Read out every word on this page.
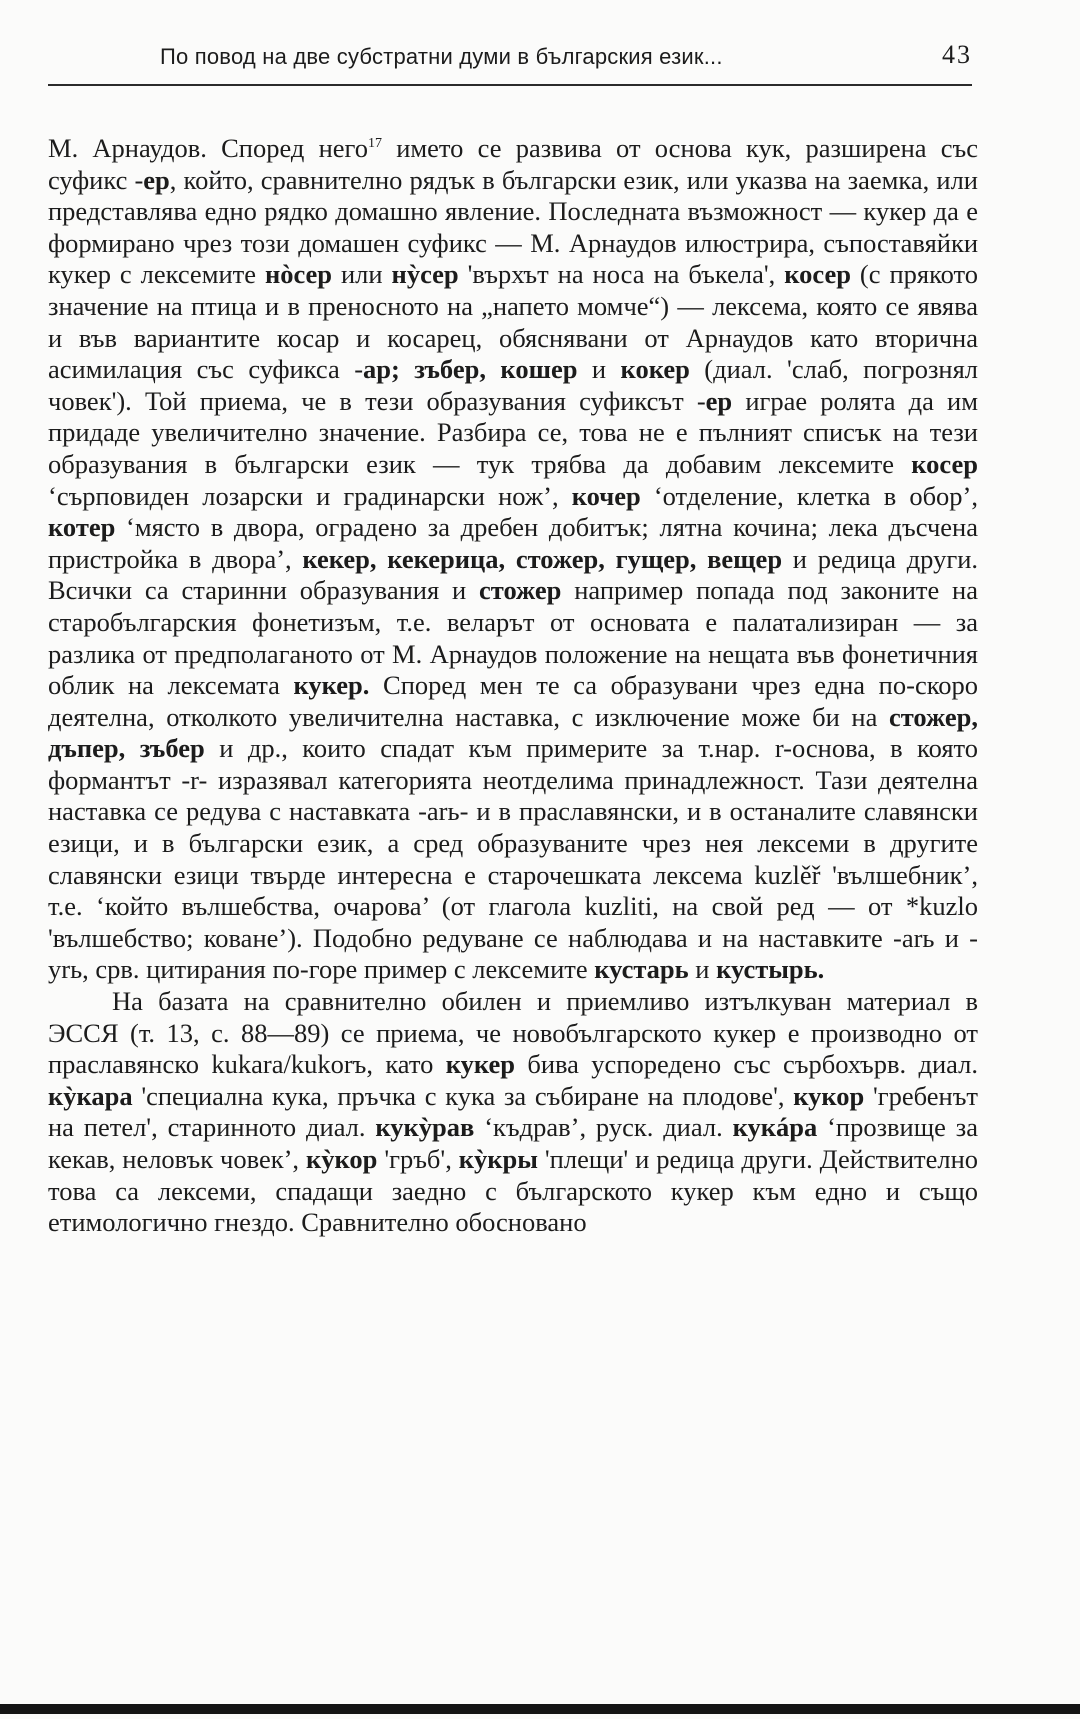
По повод на две субстратни думи в българския език...	43

М. Арнаудов. Според него$^{17}$ името се развива от основа кук, разширена със суфикс -ер, който, сравнително рядък в български език, или указва на заемка, или представлява едно рядко домашно явление. Последната възможност — кукер да е формирано чрез този домашен суфикс — М. Арнаудов илюстрира, съпоставяйки кукер с лексемите нòсер или нỳсер 'върхът на носа на бъкела', косер (с прякото значение на птица и в преносното на „напето момче“) — лексема, която се явява и във вариантите косар и косарец, обяснявани от Арнаудов като вторична асимилация със суфикса -ар; зъбер, кошер и кокер (диал. 'слаб, погрознял човек'). Той приема, че в тези образувания суфиксът -ер играе ролята да им придаде увеличително значение. Разбира се, това не е пълният списък на тези образувания в български език — тук трябва да добавим лексемите косер ‘сърповиден лозарски и градинарски нож’, кочер ‘отделение, клетка в обор’, котер ‘място в двора, оградено за дребен добитък; лятна кочина; лека дъсчена пристройка в двора’, кекер, кекерица, стожер, гущер, вещер и редица други. Всички са старинни образувания и стожер например попада под законите на старобългарския фонетизъм, т.е. веларът от основата е палатализиран — за разлика от предполаганото от М. Арнаудов положение на нещата във фонетичния облик на лексемата кукер. Според мен те са образувани чрез една по-скоро деятелна, отколкото увеличителна наставка, с изключение може би на стожер, дъпер, зъбер и др., които спадат към примерите за т.нар. r-основа, в която формантът -r- изразявал категорията неотделима принадлежност. Тази деятелна наставка се редува с наставката -arь- и в праславянски, и в останалите славянски езици, и в български език, а сред образуваните чрез нея лексеми в другите славянски езици твърде интересна е старочешката лексема kuzlěř 'вълшебник’, т.е. ‘който вълшебства, очарова’ (от глагола kuzliti, на свой ред — от *kuzlo 'вълшебство; коване’). Подобно редуване се наблюдава и на наставките -arь и -yrь, срв. цитирания по-горе пример с лексемите кустарь и кустырь.

На базата на сравнително обилен и приемливо изтълкуван материал в ЭССЯ (т. 13, с. 88—89) се приема, че новобългарското кукер е производно от праславянско kukara/kukorъ, като кукер бива успоредено със сърбохърв. диал. кỳкара 'специална кука, пръчка с кука за събиране на плодове', кукор 'гребенът на петел', старинното диал. кукỳрав ‘къдрав’, руск. диал. кукáра ‘прозвище за кекав, неловък човек’, кỳкор 'гръб', кỳкры 'плещи' и редица други. Действително това са лексеми, спадащи заедно с българското кукер към едно и също етимологично гнездо. Сравнително обосновано
